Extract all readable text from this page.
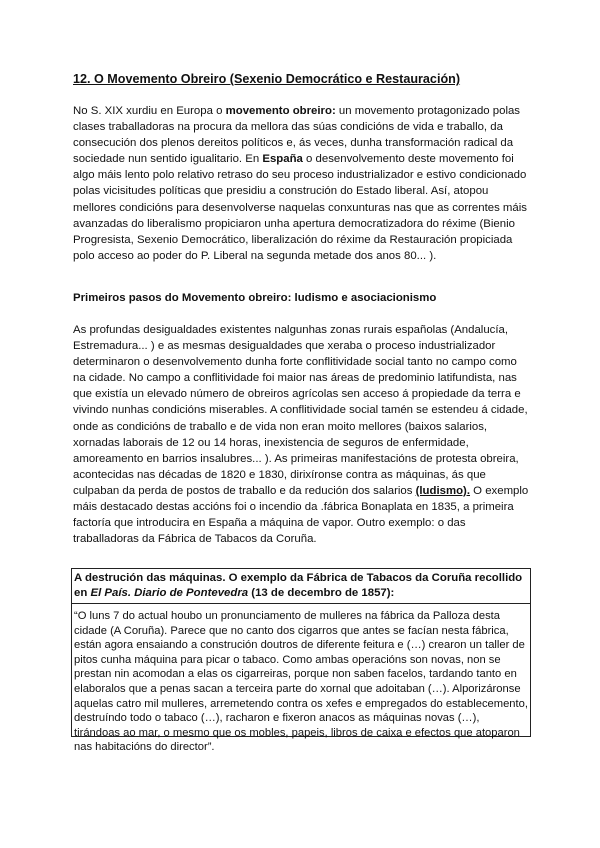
12. O Movemento Obreiro (Sexenio Democrático e Restauración)

No S. XIX xurdiu en Europa o movemento obreiro: un movemento protagonizado polas clases traballadoras na procura da mellora das súas condicións de vida e traballo, da consecución dos plenos dereitos políticos e, ás veces, dunha transformación radical da sociedade nun sentido igualitario. En España o desenvolvemento deste movemento foi algo máis lento polo relativo retraso do seu proceso industrializador e estivo condicionado polas vicisitudes políticas que presidiu a construción do Estado liberal. Así, atopou mellores condicións para desenvolverse naquelas conxunturas nas que as correntes máis avanzadas do liberalismo propiciaron unha apertura democratizadora do réxime (Bienio Progresista, Sexenio Democrático, liberalización do réxime da Restauración propiciada polo acceso ao poder do P. Liberal na segunda metade dos anos 80... ).

Primeiros pasos do Movemento obreiro: ludismo e asociacionismo

As profundas desigualdades existentes nalgunhas zonas rurais españolas (Andalucía, Estremadura... ) e as mesmas desigualdades que xeraba o proceso industrializador determinaron o desenvolvemento dunha forte conflitividade social tanto no campo como na cidade. No campo a conflitividade foi maior nas áreas de predominio latifundista, nas que existía un elevado número de obreiros agrícolas sen acceso á propiedade da terra e vivindo nunhas condicións miserables. A conflitividade social tamén se estendeu á cidade, onde as condicións de traballo e de vida non eran moito mellores (baixos salarios, xornadas laborais de 12 ou 14 horas, inexistencia de seguros de enfermidade, amoreamento en barrios insalubres... ). As primeiras manifestacións de protesta obreira, acontecidas nas décadas de 1820 e 1830, dirixíronse contra as máquinas, ás que culpaban da perda de postos de traballo e da redución dos salarios (ludismo). O exemplo máis destacado destas accións foi o incendio da .fábrica Bonaplata en 1835, a primeira factoría que introducira en España a máquina de vapor. Outro exemplo: o das traballadoras da Fábrica de Tabacos da Coruña.

A destrución das máquinas. O exemplo da Fábrica de Tabacos da Coruña recollido en El País. Diario de Pontevedra (13 de decembro de 1857):
“O luns 7 do actual houbo un pronunciamento de mulleres na fábrica da Palloza desta cidade (A Coruña). Parece que no canto dos cigarros que antes se facían nesta fábrica, están agora ensaiando a construción doutros de diferente feitura e (…) crearon un taller de pitos cunha máquina para picar o tabaco. Como ambas operacións son novas, non se prestan nin acomodan a elas os cigarreiras, porque non saben facelos, tardando tanto en elaboralos que a penas sacan a terceira parte do xornal que adoitaban (…). Alporizáronse aquelas catro mil mulleres, arremetendo contra os xefes e empregados do establecemento, destruíndo todo o tabaco (…), racharon e fixeron anacos as máquinas novas (…), tirándoas ao mar, o mesmo que os mobles, papeis, libros de caixa e efectos que atoparon nas habitacións do director”.
